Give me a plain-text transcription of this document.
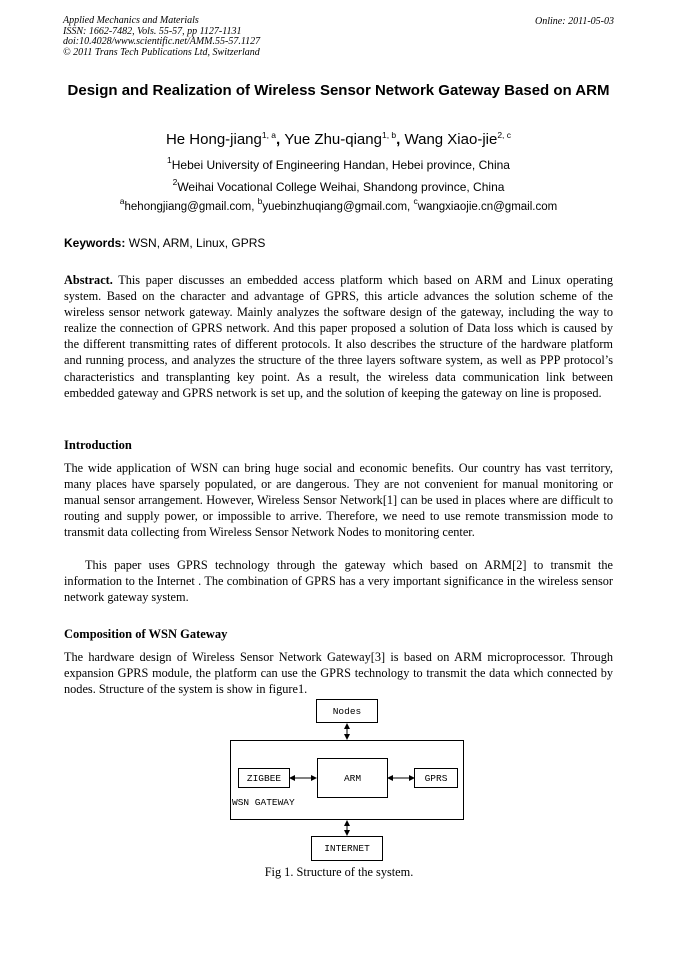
Applied Mechanics and Materials
ISSN: 1662-7482, Vols. 55-57, pp 1127-1131
doi:10.4028/www.scientific.net/AMM.55-57.1127
© 2011 Trans Tech Publications Ltd, Switzerland
Online: 2011-05-03
Design and Realization of Wireless Sensor Network Gateway Based on ARM
He Hong-jiang$^{1, a}$, Yue Zhu-qiang$^{1, b}$, Wang Xiao-jie$^{2, c}$
$^1$Hebei University of Engineering Handan, Hebei province, China
$^2$Weihai Vocational College Weihai, Shandong province, China
$^a$hehongjiang@gmail.com, $^b$yuebinzhuqiang@gmail.com, $^c$wangxiaojie.cn@gmail.com
Keywords: WSN, ARM, Linux, GPRS

Abstract. This paper discusses an embedded access platform which based on ARM and Linux operating system. Based on the character and advantage of GPRS, this article advances the solution scheme of the wireless sensor network gateway. Mainly analyzes the software design of the gateway, including the way to realize the connection of GPRS network. And this paper proposed a solution of Data loss which is caused by the different transmitting rates of different protocols. It also describes the structure of the hardware platform and running process, and analyzes the structure of the three layers software system, as well as PPP protocol’s characteristics and transplanting key point. As a result, the wireless data communication link between embedded gateway and GPRS network is set up, and the solution of keeping the gateway on line is proposed.

Introduction

The wide application of WSN can bring huge social and economic benefits. Our country has vast territory, many places have sparsely populated, or are dangerous. They are not convenient for manual monitoring or manual sensor arrangement. However, Wireless Sensor Network[1] can be used in places where are difficult to routing and supply power, or impossible to arrive. Therefore, we need to use remote transmission mode to transmit data collecting from Wireless Sensor Network Nodes to monitoring center.

This paper uses GPRS technology through the gateway which based on ARM[2] to transmit the information to the Internet . The combination of GPRS has a very important significance in the wireless sensor network gateway system.

Composition of WSN Gateway

The hardware design of Wireless Sensor Network Gateway[3] is based on ARM microprocessor. Through expansion GPRS module, the platform can use the GPRS technology to transmit the data which connected by nodes. Structure of the system is show in figure1.

WSN GATEWAY
Nodes
ARM
ZIGBEE	GPRS
INTERNET
Fig 1. Structure of the system.
